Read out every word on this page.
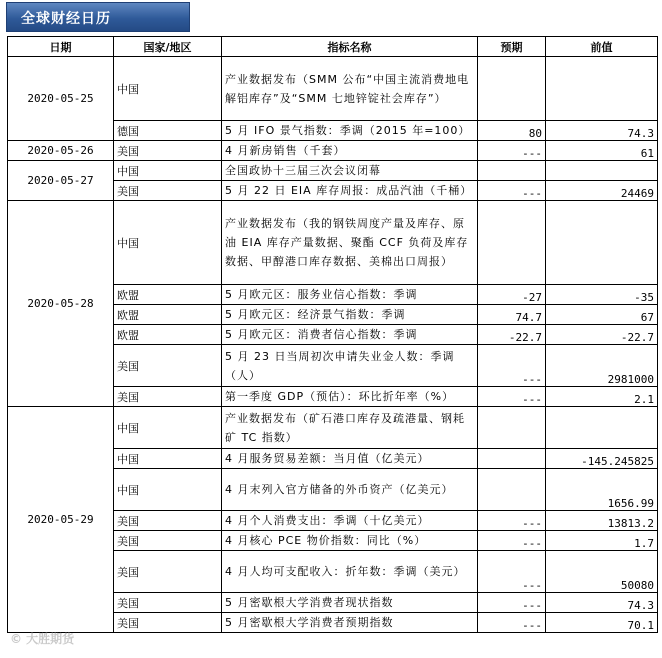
全球财经日历
日期	国家/地区	指标名称	预期	前值
2020-05-25	中国	产业数据发布（SMM 公布“中国主流消费地电解铝库存”及“SMM 七地锌锭社会库存”）		
	德国	5 月 IFO 景气指数：季调（2015 年=100）	80	74.3
2020-05-26	美国	4 月新房销售（千套）	---	61
2020-05-27	中国	全国政协十三届三次会议闭幕		
	美国	5 月 22 日 EIA 库存周报：成品汽油（千桶）	---	24469
2020-05-28	中国	产业数据发布（我的钢铁周度产量及库存、原油 EIA 库存产量数据、聚酯 CCF 负荷及库存数据、甲醇港口库存数据、美棉出口周报）		
	欧盟	5 月欧元区：服务业信心指数：季调	-27	-35
	欧盟	5 月欧元区：经济景气指数：季调	74.7	67
	欧盟	5 月欧元区：消费者信心指数：季调	-22.7	-22.7
	美国	5 月 23 日当周初次申请失业金人数：季调（人）	---	2981000
	美国	第一季度 GDP（预估）：环比折年率（%）	---	2.1
2020-05-29	中国	产业数据发布（矿石港口库存及疏港量、钢耗矿 TC 指数）		
	中国	4 月服务贸易差额：当月值（亿美元）		-145.245825
	中国	4 月末列入官方储备的外币资产（亿美元）		1656.99
	美国	4 月个人消费支出：季调（十亿美元）	---	13813.2
	美国	4 月核心 PCE 物价指数：同比（%）	---	1.7
	美国	4 月人均可支配收入：折年数：季调（美元）	---	50080
	美国	5 月密歇根大学消费者现状指数	---	74.3
	美国	5 月密歇根大学消费者预期指数	---	70.1
© 大胜期货
